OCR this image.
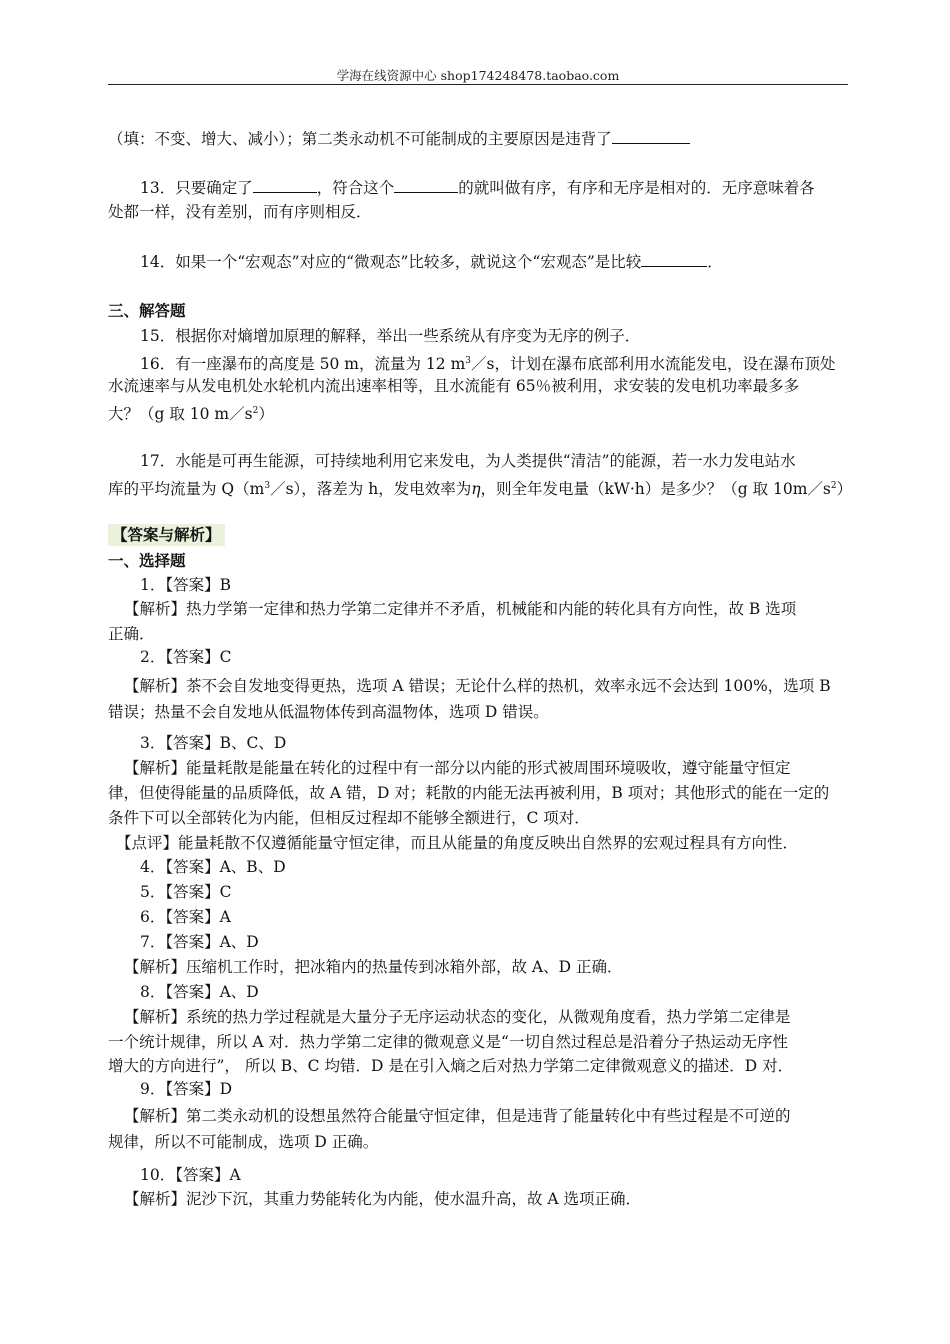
学海在线资源中心 shop174248478.taobao.com
（填：不变、增大、减小）；第二类永动机不可能制成的主要原因是违背了
13．只要确定了	，符合这个	的就叫做有序，有序和无序是相对的．无序意味着各
处都一样，没有差别，而有序则相反．
14．如果一个“宏观态”对应的“微观态”比较多，就说这个“宏观态”是比较	．
三、解答题
15．根据你对熵增加原理的解释，举出一些系统从有序变为无序的例子．
16．有一座瀑布的高度是 50 m，流量为 12 $m^3/s$，计划在瀑布底部利用水流能发电，设在瀑布顶处
水流速率与从发电机处水轮机内流出速率相等，且水流能有 65％被利用，求安装的发电机功率最多多
大？（g 取 10 $m/s^2$）
17．水能是可再生能源，可持续地利用它来发电，为人类提供“清洁”的能源，若一水力发电站水
库的平均流量为 $Q(m^3/s)$，落差为 h，发电效率为η，则全年发电量（kW·h）是多少？（g 取 $10m/s^2$）
【答案与解析】
一、选择题
1．【答案】B
【解析】热力学第一定律和热力学第二定律并不矛盾，机械能和内能的转化具有方向性，故 B 选项
正确．
2．【答案】C
【解析】茶不会自发地变得更热，选项 A 错误；无论什么样的热机，效率永远不会达到 100%，选项 B
错误；热量不会自发地从低温物体传到高温物体，选项 D 错误。
3．【答案】B、C、D
【解析】能量耗散是能量在转化的过程中有一部分以内能的形式被周围环境吸收，遵守能量守恒定
律，但使得能量的品质降低，故 A 错，D 对；耗散的内能无法再被利用，B 项对；其他形式的能在一定的
条件下可以全部转化为内能，但相反过程却不能够全额进行，C 项对．
【点评】能量耗散不仅遵循能量守恒定律，而且从能量的角度反映出自然界的宏观过程具有方向性．
4．【答案】A、B、D
5．【答案】C
6．【答案】A
7．【答案】A、D
【解析】压缩机工作时，把冰箱内的热量传到冰箱外部，故 A、D 正确．
8．【答案】A、D
【解析】系统的热力学过程就是大量分子无序运动状态的变化，从微观角度看，热力学第二定律是
一个统计规律，所以 A 对．热力学第二定律的微观意义是“一切自然过程总是沿着分子热运动无序性
增大的方向进行”， 所以 B、C 均错．D 是在引入熵之后对热力学第二定律微观意义的描述．D 对．
9．【答案】D
【解析】第二类永动机的设想虽然符合能量守恒定律，但是违背了能量转化中有些过程是不可逆的
规律，所以不可能制成，选项 D 正确。
10．【答案】A
【解析】泥沙下沉，其重力势能转化为内能，使水温升高，故 A 选项正确．
